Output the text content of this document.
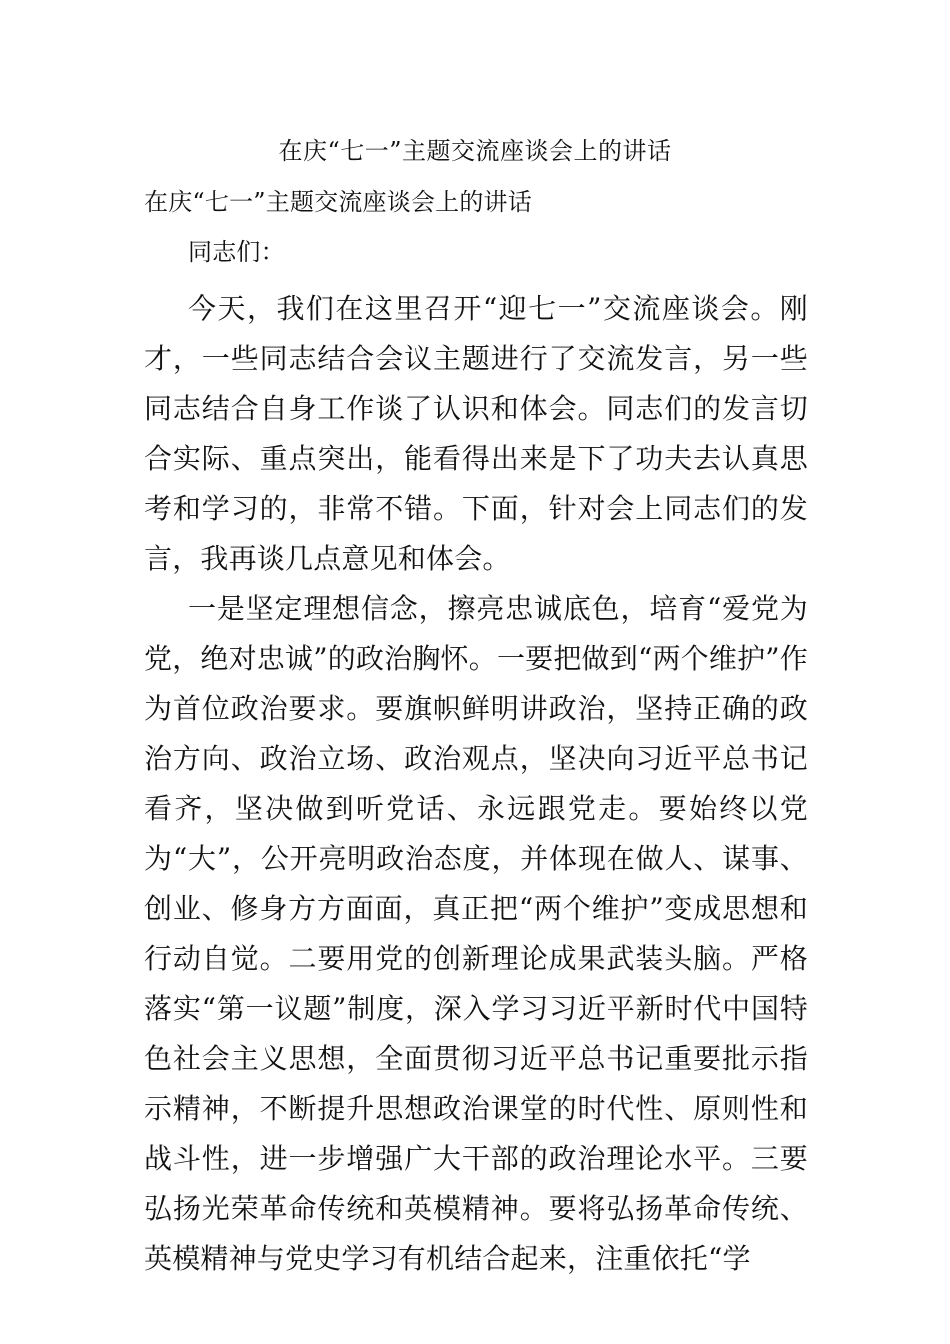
在庆“七一”主题交流座谈会上的讲话
在庆“七一”主题交流座谈会上的讲话
同志们：

今天，我们在这里召开“迎七一”交流座谈会。刚才，一些同志结合会议主题进行了交流发言，另一些同志结合自身工作谈了认识和体会。同志们的发言切合实际、重点突出，能看得出来是下了功夫去认真思考和学习的，非常不错。下面，针对会上同志们的发言，我再谈几点意见和体会。

一是坚定理想信念，擦亮忠诚底色，培育“爱党为党，绝对忠诚”的政治胸怀。一要把做到“两个维护”作为首位政治要求。要旗帜鲜明讲政治，坚持正确的政治方向、政治立场、政治观点，坚决向习近平总书记看齐，坚决做到听党话、永远跟党走。要始终以党为“大”，公开亮明政治态度，并体现在做人、谋事、创业、修身方方面面，真正把“两个维护”变成思想和行动自觉。二要用党的创新理论成果武装头脑。严格落实“第一议题”制度，深入学习习近平新时代中国特色社会主义思想，全面贯彻习近平总书记重要批示指示精神，不断提升思想政治课堂的时代性、原则性和战斗性，进一步增强广大干部的政治理论水平。三要弘扬光荣革命传统和英模精神。要将弘扬革命传统、英模精神与党史学习有机结合起来，注重依托“学
